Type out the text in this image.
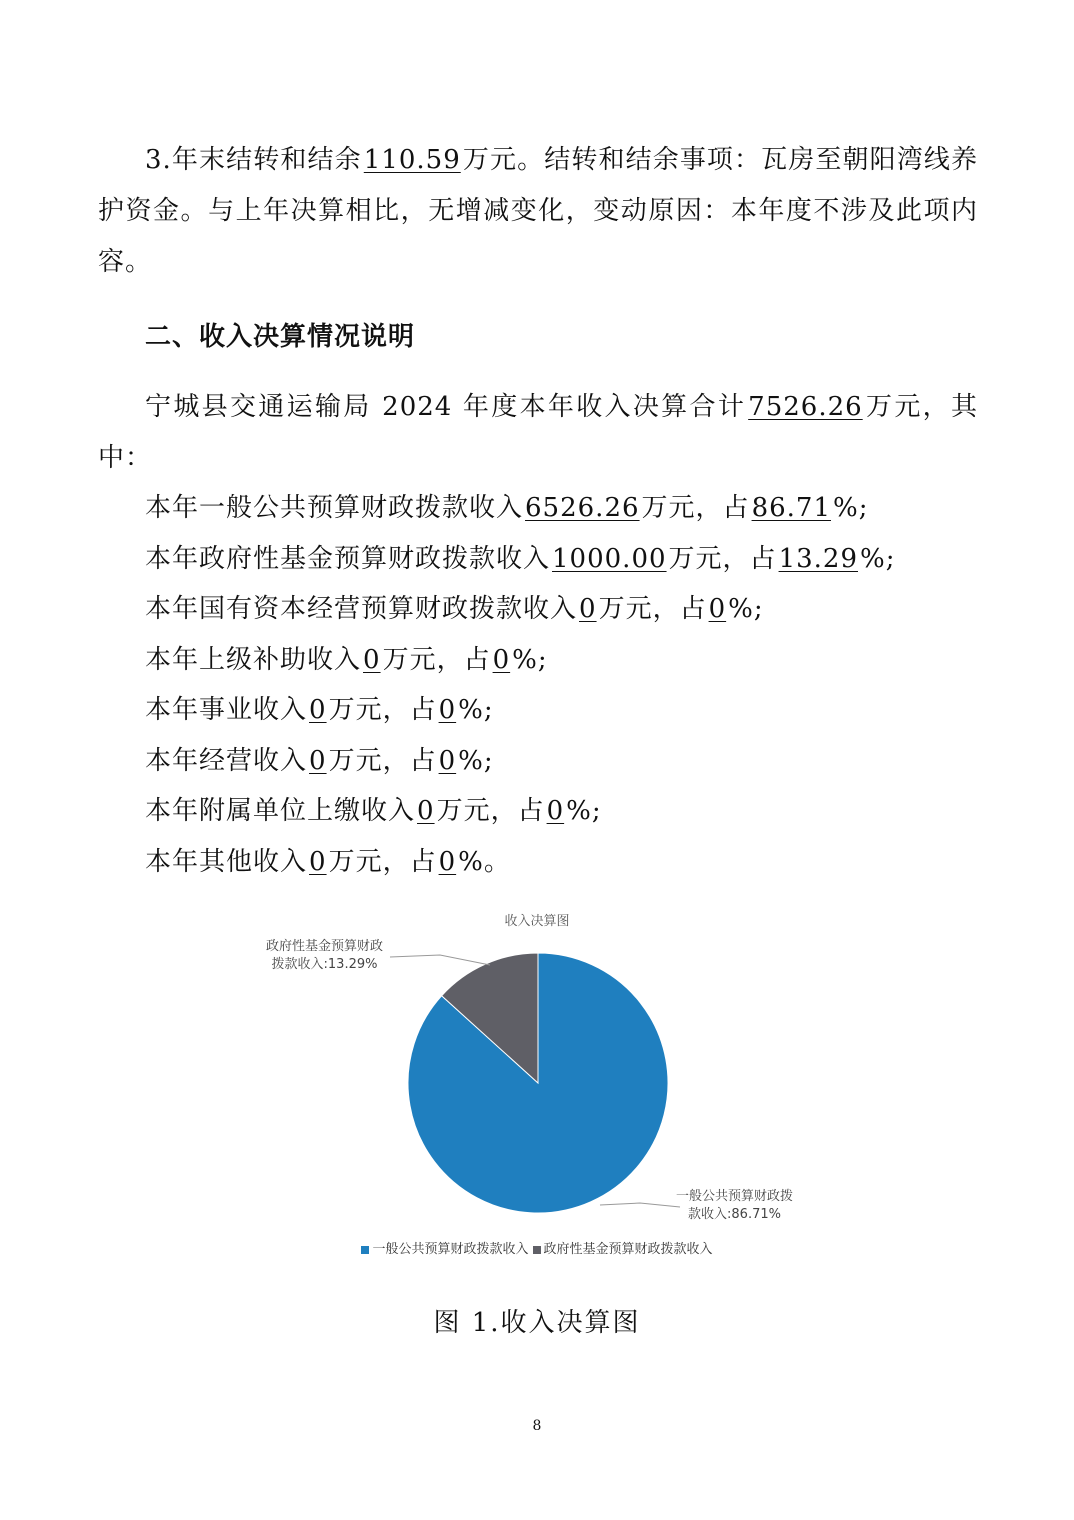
3.年末结转和结余110.59万元。结转和结余事项：瓦房至朝阳湾线养护资金。与上年决算相比，无增减变化，变动原因：本年度不涉及此项内容。

二、收入决算情况说明

宁城县交通运输局 2024 年度本年收入决算合计7526.26万元，其中：

本年一般公共预算财政拨款收入6526.26万元，占86.71%;

本年政府性基金预算财政拨款收入1000.00万元，占13.29%;

本年国有资本经营预算财政拨款收入0万元，占0%;

本年上级补助收入0万元，占0%;

本年事业收入0万元，占0%;

本年经营收入0万元，占0%;

本年附属单位上缴收入0万元，占0%;

本年其他收入0万元，占0%。

收入决算图
一般公共预算财政拨
款收入:86.71%
政府性基金预算财政
拨款收入:13.29%
一般公共预算财政拨款收入 政府性基金预算财政拨款收入
图 1.收入决算图
8
